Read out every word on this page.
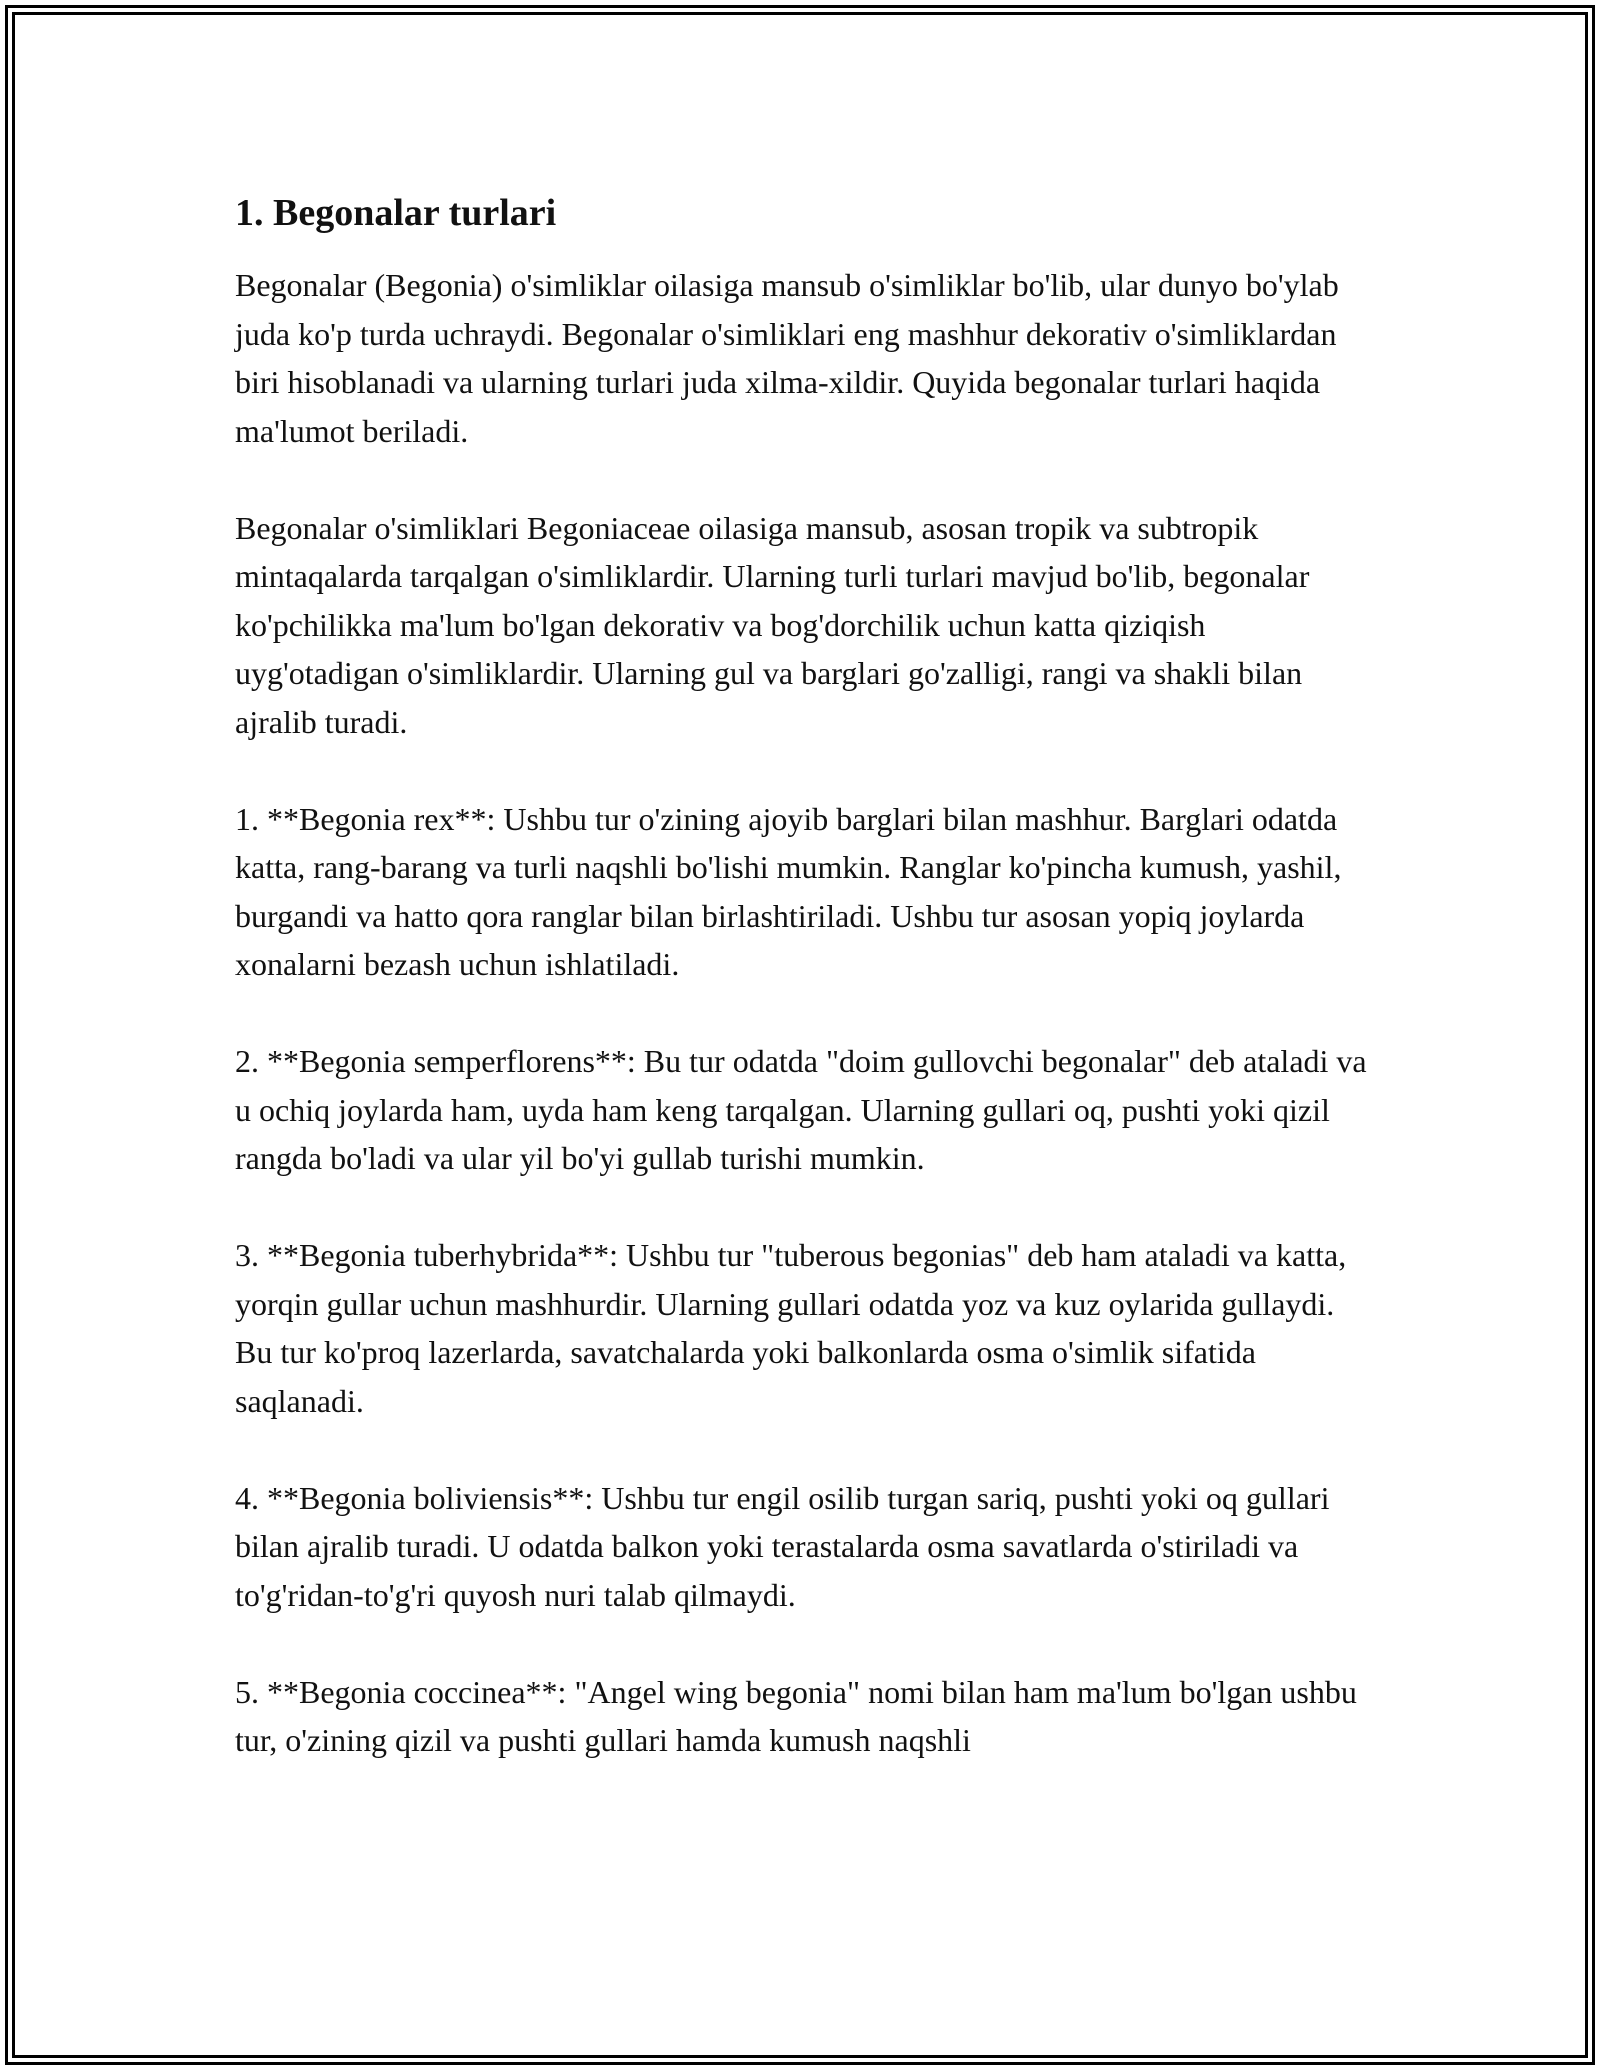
1. Begonalar turlari

Begonalar (Begonia) o'simliklar oilasiga mansub o'simliklar bo'lib, ular dunyo bo'ylab juda ko'p turda uchraydi. Begonalar o'simliklari eng mashhur dekorativ o'simliklardan biri hisoblanadi va ularning turlari juda xilma-xildir. Quyida begonalar turlari haqida ma'lumot beriladi.

Begonalar o'simliklari Begoniaceae oilasiga mansub, asosan tropik va subtropik mintaqalarda tarqalgan o'simliklardir. Ularning turli turlari mavjud bo'lib, begonalar ko'pchilikka ma'lum bo'lgan dekorativ va bog'dorchilik uchun katta qiziqish uyg'otadigan o'simliklardir. Ularning gul va barglari go'zalligi, rangi va shakli bilan ajralib turadi.

1. **Begonia rex**: Ushbu tur o'zining ajoyib barglari bilan mashhur. Barglari odatda katta, rang-barang va turli naqshli bo'lishi mumkin. Ranglar ko'pincha kumush, yashil, burgandi va hatto qora ranglar bilan birlashtiriladi. Ushbu tur asosan yopiq joylarda xonalarni bezash uchun ishlatiladi.

2. **Begonia semperflorens**: Bu tur odatda "doim gullovchi begonalar" deb ataladi va u ochiq joylarda ham, uyda ham keng tarqalgan. Ularning gullari oq, pushti yoki qizil rangda bo'ladi va ular yil bo'yi gullab turishi mumkin.

3. **Begonia tuberhybrida**: Ushbu tur "tuberous begonias" deb ham ataladi va katta, yorqin gullar uchun mashhurdir. Ularning gullari odatda yoz va kuz oylarida gullaydi. Bu tur ko'proq lazerlarda, savatchalarda yoki balkonlarda osma o'simlik sifatida saqlanadi.

4. **Begonia boliviensis**: Ushbu tur engil osilib turgan sariq, pushti yoki oq gullari bilan ajralib turadi. U odatda balkon yoki terastalarda osma savatlarda o'stiriladi va to'g'ridan-to'g'ri quyosh nuri talab qilmaydi.

5. **Begonia coccinea**: "Angel wing begonia" nomi bilan ham ma'lum bo'lgan ushbu tur, o'zining qizil va pushti gullari hamda kumush naqshli
